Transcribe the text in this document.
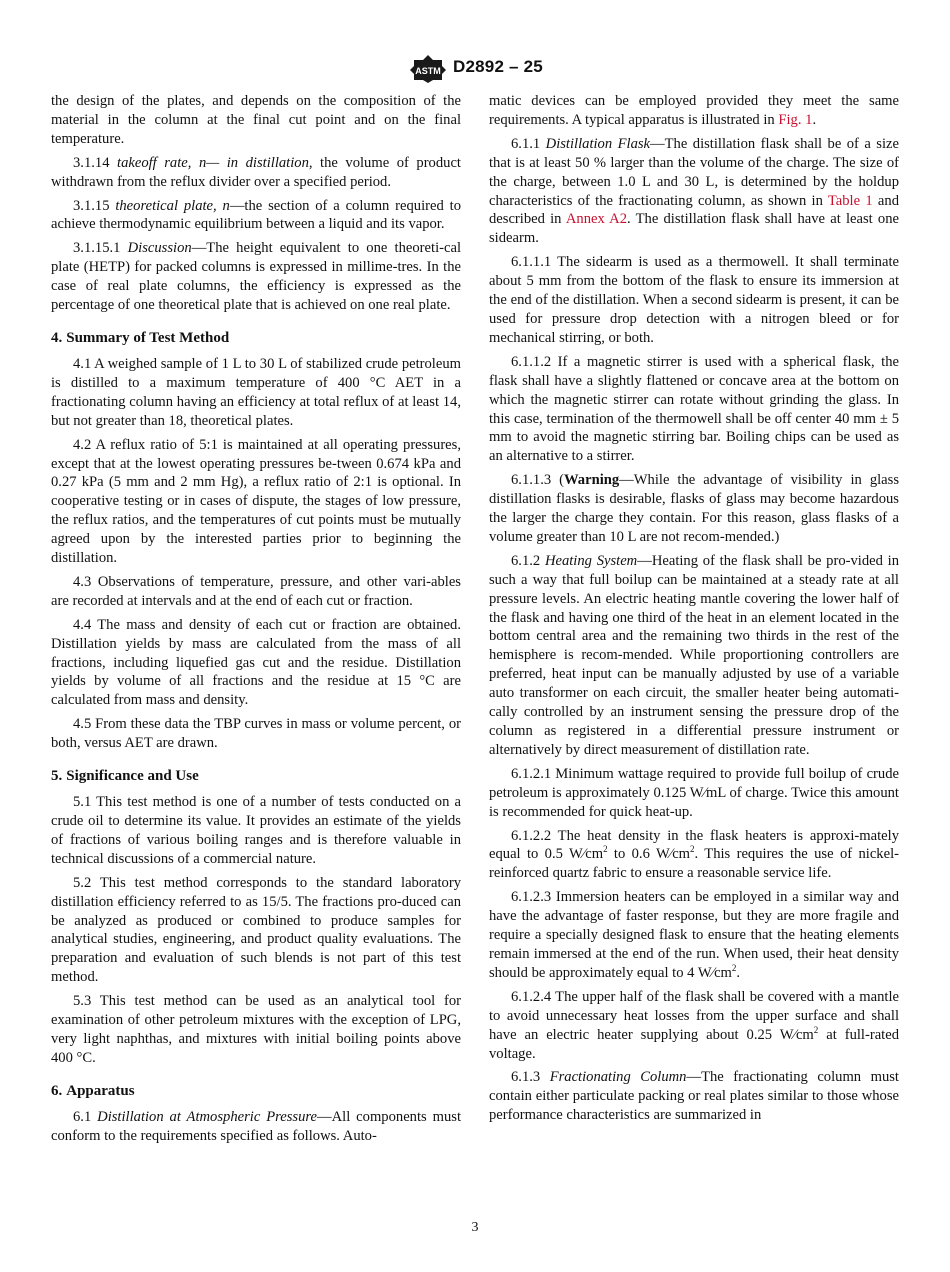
ASTM D2892 – 25

the design of the plates, and depends on the composition of the material in the column at the final cut point and on the final temperature.

3.1.14 takeoff rate, n— in distillation, the volume of product withdrawn from the reflux divider over a specified period.

3.1.15 theoretical plate, n—the section of a column required to achieve thermodynamic equilibrium between a liquid and its vapor.

3.1.15.1 Discussion—The height equivalent to one theoreti-cal plate (HETP) for packed columns is expressed in millime-tres. In the case of real plate columns, the efficiency is expressed as the percentage of one theoretical plate that is achieved on one real plate.

4. Summary of Test Method

4.1 A weighed sample of 1 L to 30 L of stabilized crude petroleum is distilled to a maximum temperature of 400 °C AET in a fractionating column having an efficiency at total reflux of at least 14, but not greater than 18, theoretical plates.

4.2 A reflux ratio of 5:1 is maintained at all operating pressures, except that at the lowest operating pressures be-tween 0.674 kPa and 0.27 kPa (5 mm and 2 mm Hg), a reflux ratio of 2:1 is optional. In cooperative testing or in cases of dispute, the stages of low pressure, the reflux ratios, and the temperatures of cut points must be mutually agreed upon by the interested parties prior to beginning the distillation.

4.3 Observations of temperature, pressure, and other vari-ables are recorded at intervals and at the end of each cut or fraction.

4.4 The mass and density of each cut or fraction are obtained. Distillation yields by mass are calculated from the mass of all fractions, including liquefied gas cut and the residue. Distillation yields by volume of all fractions and the residue at 15 °C are calculated from mass and density.

4.5 From these data the TBP curves in mass or volume percent, or both, versus AET are drawn.

5. Significance and Use

5.1 This test method is one of a number of tests conducted on a crude oil to determine its value. It provides an estimate of the yields of fractions of various boiling ranges and is therefore valuable in technical discussions of a commercial nature.

5.2 This test method corresponds to the standard laboratory distillation efficiency referred to as 15/5. The fractions pro-duced can be analyzed as produced or combined to produce samples for analytical studies, engineering, and product quality evaluations. The preparation and evaluation of such blends is not part of this test method.

5.3 This test method can be used as an analytical tool for examination of other petroleum mixtures with the exception of LPG, very light naphthas, and mixtures with initial boiling points above 400 °C.

6. Apparatus

6.1 Distillation at Atmospheric Pressure—All components must conform to the requirements specified as follows. Auto-

matic devices can be employed provided they meet the same requirements. A typical apparatus is illustrated in Fig. 1.

6.1.1 Distillation Flask—The distillation flask shall be of a size that is at least 50 % larger than the volume of the charge. The size of the charge, between 1.0 L and 30 L, is determined by the holdup characteristics of the fractionating column, as shown in Table 1 and described in Annex A2. The distillation flask shall have at least one sidearm.

6.1.1.1 The sidearm is used as a thermowell. It shall terminate about 5 mm from the bottom of the flask to ensure its immersion at the end of the distillation. When a second sidearm is present, it can be used for pressure drop detection with a nitrogen bleed or for mechanical stirring, or both.

6.1.1.2 If a magnetic stirrer is used with a spherical flask, the flask shall have a slightly flattened or concave area at the bottom on which the magnetic stirrer can rotate without grinding the glass. In this case, termination of the thermowell shall be off center 40 mm ± 5 mm to avoid the magnetic stirring bar. Boiling chips can be used as an alternative to a stirrer.

6.1.1.3 (Warning—While the advantage of visibility in glass distillation flasks is desirable, flasks of glass may become hazardous the larger the charge they contain. For this reason, glass flasks of a volume greater than 10 L are not recom-mended.)

6.1.2 Heating System—Heating of the flask shall be pro-vided in such a way that full boilup can be maintained at a steady rate at all pressure levels. An electric heating mantle covering the lower half of the flask and having one third of the heat in an element located in the bottom central area and the remaining two thirds in the rest of the hemisphere is recom-mended. While proportioning controllers are preferred, heat input can be manually adjusted by use of a variable auto transformer on each circuit, the smaller heater being automati-cally controlled by an instrument sensing the pressure drop of the column as registered in a differential pressure instrument or alternatively by direct measurement of distillation rate.

6.1.2.1 Minimum wattage required to provide full boilup of crude petroleum is approximately 0.125 W⁄mL of charge. Twice this amount is recommended for quick heat-up.

6.1.2.2 The heat density in the flask heaters is approxi-mately equal to 0.5 $W⁄cm^2$ to 0.6 $W⁄cm^2$. This requires the use of nickel-reinforced quartz fabric to ensure a reasonable service life.

6.1.2.3 Immersion heaters can be employed in a similar way and have the advantage of faster response, but they are more fragile and require a specially designed flask to ensure that the heating elements remain immersed at the end of the run. When used, their heat density should be approximately equal to 4 $W⁄cm^2$.

6.1.2.4 The upper half of the flask shall be covered with a mantle to avoid unnecessary heat losses from the upper surface and shall have an electric heater supplying about 0.25 $W⁄cm^2$ at full-rated voltage.

6.1.3 Fractionating Column—The fractionating column must contain either particulate packing or real plates similar to those whose performance characteristics are summarized in

3
